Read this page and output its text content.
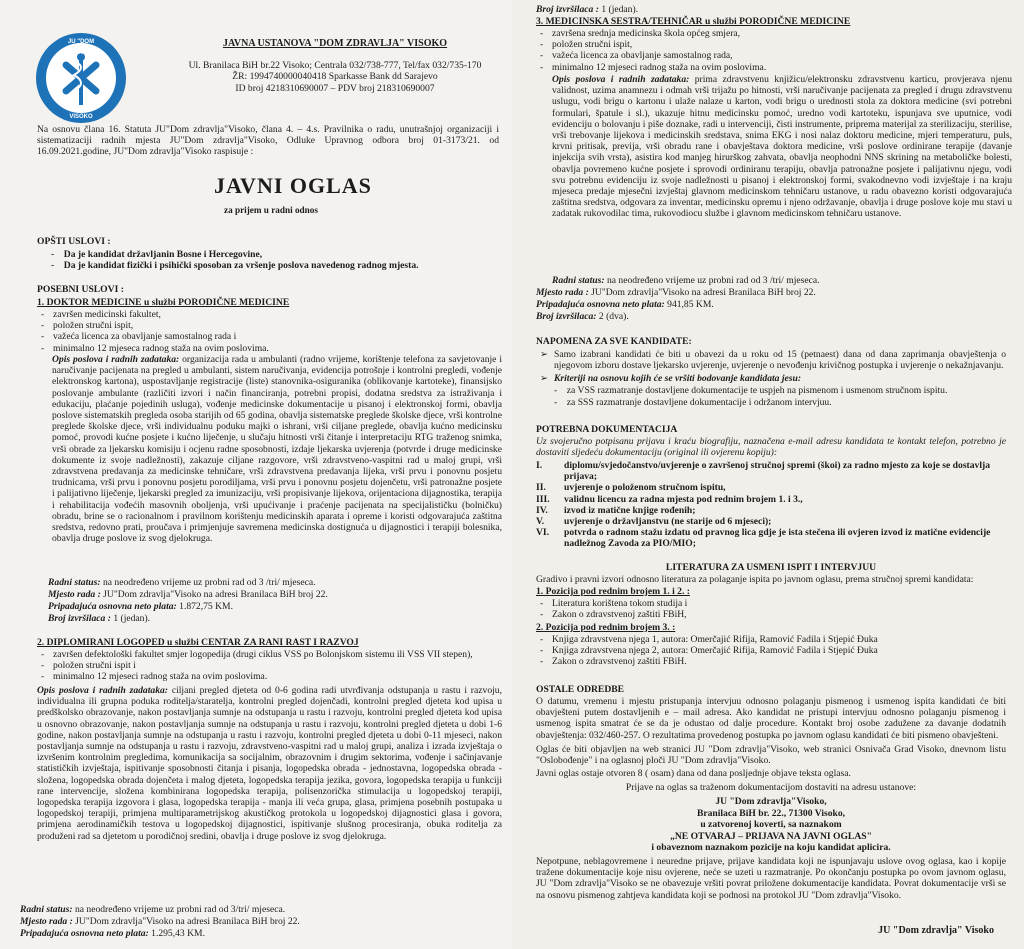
JU "DOM ZDRAVLJA"
VISOKO
JAVNA USTANOVA "DOM ZDRAVLJA" VISOKO
Ul. Branilaca BiH br.22 Visoko; Centrala 032/738-777, Tel/fax 032/735-170
ŽR: 1994740000040418 Sparkasse Bank dd Sarajevo
ID broj 4218310690007 – PDV broj 218310690007
Na osnovu člana 16. Statuta JU"Dom zdravlja"Visoko, člana 4. – 4.s. Pravilnika o radu, unutrašnjoj organizaciji i sistematizaciji radnih mjesta JU"Dom zdravlja"Visoko, Odluke Upravnog odbora broj 01-3173/21. od 16.09.2021.godine, JU"Dom zdravlja"Visoko raspisuje :
JAVNI OGLAS
za prijem u radni odnos
OPŠTI USLOVI :
-    Da je kandidat državljanin Bosne i Hercegovine,
-    Da je kandidat fizički i psihički sposoban za vršenje poslova navedenog radnog mjesta.
POSEBNI USLOVI :
1. DOKTOR MEDICINE u službi PORODIČNE MEDICINE
- završen medicinski fakultet,
- položen stručni ispit,
- važeća licenca za obavljanje samostalnog rada i
- minimalno 12 mjeseca radnog staža na ovim poslovima.
Opis poslova i radnih zadataka: organizacija rada u ambulanti (radno vrijeme, korištenje telefona za savjetovanje i naručivanje pacijenata na pregled u ambulanti, sistem naručivanja, evidencija potrošnje i kontrolni pregledi, vođenje elektronskog kartona), uspostavljanje registracije (liste) stanovnika-osiguranika (oblikovanje kartoteke), finansijsko poslovanje ambulante (različiti izvori i način financiranja, potrebni propisi, dodatna sredstva za istraživanja i edukaciju, plaćanje pojedinih usluga), vođenje medicinske dokumentacije u pisanoj i elektronskoj formi, obavlja poslove sistematskih pregleda osoba starijih od 65 godina, obavlja sistematske preglede školske djece, vrši kontrolne preglede školske djece, vrši individualnu poduku majki o ishrani, vrši ciljane preglede, obavlja kućno medicinsku pomoć, provodi kućne posjete i kućno liječenje, u slučaju hitnosti vrši čitanje i interpretaciju RTG traženog snimka, vrši obrade za ljekarsku komisiju i ocjenu radne sposobnosti, izdaje ljekarska uvjerenja (potvrde i druge medicinske dokumente iz svoje nadležnosti), zakazuje ciljane razgovore, vrši zdravstveno-vaspitni rad u maloj grupi, vrši zdravstvena predavanja za medicinske tehničare, vrši zdravstvena predavanja lijeka, vrši prvu i ponovnu posjetu trudnicama, vrši prvu i ponovnu posjetu porodiljama, vrši prvu i ponovnu posjetu dojenčetu, vrši patronažne posjete i palijativno liječenje, ljekarski pregled za imunizaciju, vrši propisivanje lijekova, orijentaciona dijagnostika, terapija i rehabilitacija vođećih masovnih oboljenja, vrši upućivanje i praćenje pacijenata na specijalističku (bolničku) obradu, brine se o racionalnom i pravilnom korištenju medicinskih aparata i opreme i koristi odgovarajuća zaštitna sredstva, redovno prati, proučava i primjenjuje savremena medicinska dostignuća u dijagnostici i terapiji bolesnika, obavlja druge poslove iz svog djelokruga.
Radni status: na neodređeno vrijeme uz probni rad od 3 /tri/ mjeseca.
Mjesto rada : JU"Dom zdravlja"Visoko na adresi Branilaca BiH broj 22.
Pripadajuća osnovna neto plata: 1.872,75 KM.
Broj izvršilaca : 1 (jedan).
2. DIPLOMIRANI LOGOPED u službi CENTAR ZA RANI RAST I RAZVOJ
- završen defektološki fakultet smjer logopedija (drugi ciklus VSS po Bolonjskom sistemu ili VSS VII stepen),
- položen stručni ispit i
- minimalno 12 mjeseci radnog staža na ovim poslovima.
Opis poslova i radnih zadataka: ciljani pregled djeteta od 0-6 godina radi utvrđivanja odstupanja u rastu i razvoju, individualna ili grupna poduka roditelja/staratelja, kontrolni pregled dojenčadi, kontrolni pregled djeteta kod upisa u predškolsko obrazovanje, nakon postavljanja sumnje na odstupanja u rastu i razvoju, kontrolni pregled djeteta kod upisa u osnovno obrazovanje, nakon postavljanja sumnje na odstupanja u rastu i razvoju, kontrolni pregled djeteta u dobi 1-6 godine, nakon postavljanja sumnje na odstupanja u rastu i razvoju, kontrolni pregled djeteta u dobi 0-11 mjeseci, nakon postavljanja sumnje na odstupanja u rastu i razvoju, zdravstveno-vaspitni rad u maloj grupi, analiza i izrada izvještaja o izvršenim kontrolnim pregledima, komunikacija sa socijalnim, obrazovnim i drugim sektorima, vođenje i sačinjavanje statističkih izvještaja, ispitivanje sposobnosti čitanja i pisanja, logopedska obrada - jednostavna, logopedska obrada - složena, logopedska obrada dojenčeta i malog djeteta, logopedska terapija jezika, govora, logopedska terapija u funkciji rane intervencije, složena kombinirana logopedska terapija, polisenzorička stimulacija u logopedskoj terapiji, logopedska terapija izgovora i glasa, logopedska terapija - manja ili veća grupa, glasa, primjena posebnih postupaka u logopedskoj terapiji, primjena multiparametrijskog akustičkog protokola u logopedskoj dijagnostici glasa i govora, primjena aerodinamičkih testova u logopedskoj dijagnostici, ispitivanje slušnog procesiranja, obuka roditelja za produženi rad sa djetetom u porodičnoj sredini, obavlja i druge poslove iz svog djelokruga.
Radni status: na neodređeno vrijeme uz probni rad od 3/tri/ mjeseca.
Mjesto rada : JU"Dom zdravlja"Visoko na adresi Branilaca BiH broj 22.
Pripadajuća osnovna neto plata: 1.295,43 KM.
Broj izvršilaca : 1 (jedan).
3. MEDICINSKA SESTRA/TEHNIČAR u službi PORODIČNE MEDICINE
- završena srednja medicinska škola općeg smjera,
- položen stručni ispit,
- važeća licenca za obavljanje samostalnog rada,
- minimalno 12 mjeseci radnog staža na ovim poslovima.
Opis poslova i radnih zadataka: prima zdravstvenu knjižicu/elektronsku zdravstvenu karticu, provjerava njenu validnost, uzima anamnezu i odmah vrši trijažu po hitnosti, vrši naručivanje pacijenata za pregled i drugu zdravstvenu uslugu, vodi brigu o kartonu i ulaže nalaze u karton, vodi brigu o urednosti stola za doktora medicine (svi potrebni formulari, špatule i sl.), ukazuje hitnu medicinsku pomoć, uredno vodi kartoteku, ispunjava sve uputnice, vodi evidenciju o bolovanju i piše doznake, radi u intervenciji, čisti instrumente, priprema materijal za sterilizaciju, sterilise, vrši trebovanje lijekova i medicinskih sredstava, snima EKG i nosi nalaz doktoru medicine, mjeri temperaturu, puls, krvni pritisak, previja, vrši obradu rane i obavještava doktora medicine, vrši poslove ordinirane terapije (davanje injekcija svih vrsta), asistira kod manjeg hirurškog zahvata, obavlja neophodni NNS skrining na metaboličke bolesti, obavlja povremeno kućne posjete i sprovodi ordiniranu terapiju, obavlja patronažne posjete i palijativnu njegu, vodi svu potrebnu evidenciju iz svoje nadležnosti u pisanoj i elektronskoj formi, svakodnevno vodi izvještaje i na kraju mjeseca predaje mjesečni izvještaj glavnom medicinskom tehničaru ustanove, u radu obavezno koristi odgovarajuća zaštitna sredstva, odgovara za inventar, medicinsku opremu i njeno održavanje, obavlja i druge poslove koje mu stavi u zadatak rukovodilac tima, rukovodiocu službe i glavnom medicinskom tehničaru ustanove.
Radni status: na neodređeno vrijeme uz probni rad od 3 /tri/ mjeseca.
Mjesto rada : JU"Dom zdravlja"Visoko na adresi Branilaca BiH broj 22.
Pripadajuća osnovna neto plata: 941,85 KM.
Broj izvršilaca: 2 (dva).
NAPOMENA ZA SVE KANDIDATE:
➢ Samo izabrani kandidati će biti u obavezi da u roku od 15 (petnaest) dana od dana zaprimanja obavještenja o njegovom izboru dostave ljekarsko uvjerenje, uvjerenje o nevođenju krivičnog postupka i uvjerenje o nekažnjavanju.
➢ Kriteriji na osnovu kojih će se vršiti bodovanje kandidata jesu:
-    za VSS razmatranje dostavljene dokumentacije te uspjeh na pismenom i usmenom stručnom ispitu.
-    za SSS razmatranje dostavljene dokumentacije i održanom intervjuu.
POTREBNA DOKUMENTACIJA
Uz svojeručno potpisanu prijavu i kraću biografiju, naznačena e-mail adresu kandidata te kontakt telefon, potrebno je dostaviti sljedeću dokumentaciju (original ili ovjerenu kopiju):
I. diplomu/svjedočanstvo/uvjerenje o završenoj stručnoj spremi (škoi) za radno mjesto za koje se dostavlja prijava;
II. uvjerenje o položenom stručnom ispitu,
III. validnu licencu za radna mjesta pod rednim brojem 1. i 3.,
IV. izvod iz matične knjige rođenih;
V. uvjerenje o državljanstvu (ne starije od 6 mjeseci);
VI. potvrda o radnom stažu izdatu od pravnog lica gdje je ista stečena ili ovjeren izvod iz matične evidencije nadležnog Zavoda za PIO/MIO;
LITERATURA ZA USMENI ISPIT I INTERVJUU
Gradivo i pravni izvori odnosno literatura za polaganje ispita po javnom oglasu, prema stručnoj spremi kandidata:
1. Pozicija pod rednim brojem 1. i 2. :
- Literatura korištena tokom studija i
- Zakon o zdravstvenoj zaštiti FBiH,
2. Pozicija pod rednim brojem 3. :
- Knjiga zdravstvena njega 1, autora: Omerčajić Rifija, Ramović Fadila i Stjepić Đuka
- Knjiga zdravstvena njega 2, autora: Omerčajić Rifija, Ramović Fadila i Stjepić Đuka
- Zakon o zdravstvenoj zaštiti FBiH.
OSTALE ODREDBE
O datumu, vremenu i mjestu pristupanja intervjuu odnosno polaganju pismenog i usmenog ispita kandidati će biti obavještení putem dostavljenih e – mail adresa. Ako kandidat ne pristupi intervjuu odnosno polaganju pismenog i usmenog ispita smatrat će se da je odustao od dalje procedure. Kontakt broj osobe zadužene za davanje dodatnih obavještenja: 032/460-257. O rezultatima provedenog postupka po javnom oglasu kandidati će biti pismeno obavješteni.
Oglas će biti objavljen na web stranici JU "Dom zdravlja"Visoko, web stranici Osnivača Grad Visoko, dnevnom listu "Oslobođenje" i na oglasnoj ploči JU "Dom zdravlja"Visoko.
Javni oglas ostaje otvoren 8 ( osam) dana od dana posljednje objave teksta oglasa.
Prijave na oglas sa traženom dokumentacijom dostaviti na adresu ustanove:
JU "Dom zdravlja"Visoko,
Branilaca BiH br. 22., 71300 Visoko,
u zatvorenoj koverti, sa naznakom
„NE OTVARAJ – PRIJAVA NA JAVNI OGLAS"
i obaveznom naznakom pozicije na koju kandidat aplicira.
Nepotpune, neblagovremene i neuredne prijave, prijave kandidata koji ne ispunjavaju uslove ovog oglasa, kao i kopije tražene dokumentacije koje nisu ovjerene, neće se uzeti u razmatranje. Po okončanju postupka po ovom javnom oglasu, JU "Dom zdravlja"Visoko se ne obavezuje vršiti povrat priložene dokumentacije kandidata. Povrat dokumentacije vrši se na osnovu pismenog zahtjeva kandidata koji se podnosi na protokol JU "Dom zdravlja"Visoko.
JU "Dom zdravlja" Visoko
